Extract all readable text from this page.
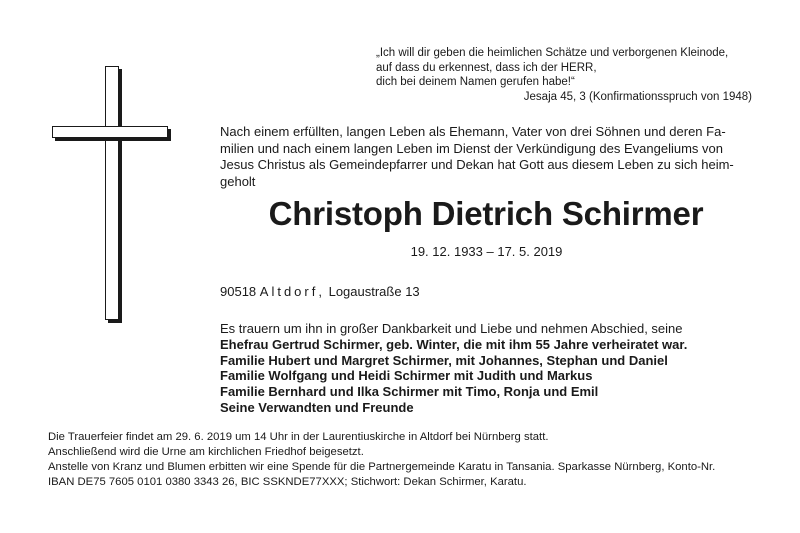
„Ich will dir geben die heimlichen Schätze und verborgenen Kleinode,
auf dass du erkennest, dass ich der HERR,
dich bei deinem Namen gerufen habe!“
Jesaja 45, 3 (Konfirmationsspruch von 1948)
Nach einem erfüllten, langen Leben als Ehemann, Vater von drei Söhnen und deren Fa-
milien und nach einem langen Leben im Dienst der Verkündigung des Evangeliums von
Jesus Christus als Gemeindepfarrer und Dekan hat Gott aus diesem Leben zu sich heim-
geholt
Christoph Dietrich Schirmer
19. 12. 1933 – 17. 5. 2019
90518 Altdorf, Logaustraße 13
Es trauern um ihn in großer Dankbarkeit und Liebe und nehmen Abschied, seine
Ehefrau Gertrud Schirmer, geb. Winter, die mit ihm 55 Jahre verheiratet war.
Familie Hubert und Margret Schirmer, mit Johannes, Stephan und Daniel
Familie Wolfgang und Heidi Schirmer mit Judith und Markus
Familie Bernhard und Ilka Schirmer mit Timo, Ronja und Emil
Seine Verwandten und Freunde
Die Trauerfeier findet am 29. 6. 2019 um 14 Uhr in der Laurentiuskirche in Altdorf bei Nürnberg statt.
Anschließend wird die Urne am kirchlichen Friedhof beigesetzt.
Anstelle von Kranz und Blumen erbitten wir eine Spende für die Partnergemeinde Karatu in Tansania. Sparkasse Nürnberg, Konto-Nr.
IBAN DE75 7605 0101 0380 3343 26, BIC SSKNDE77XXX; Stichwort: Dekan Schirmer, Karatu.
